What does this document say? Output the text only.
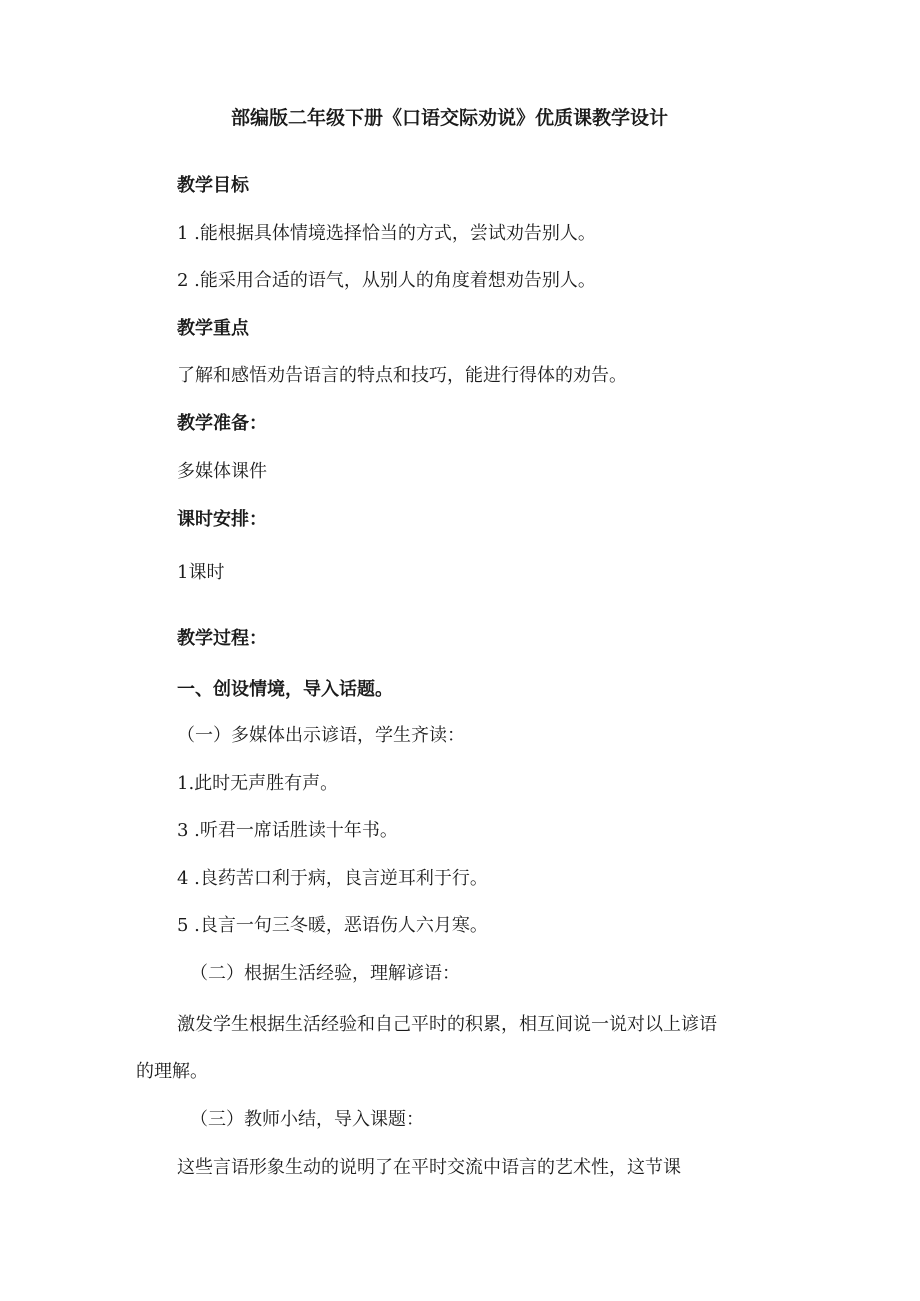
部编版二年级下册《口语交际劝说》优质课教学设计
教学目标
1 .能根据具体情境选择恰当的方式，尝试劝告别人。
2 .能采用合适的语气，从别人的角度着想劝告别人。
教学重点
了解和感悟劝告语言的特点和技巧，能进行得体的劝告。
教学准备：
多媒体课件
课时安排：
1课时
教学过程：
一、创设情境，导入话题。
（一）多媒体出示谚语，学生齐读：
1.此时无声胜有声。
3 .听君一席话胜读十年书。
4 .良药苦口利于病，良言逆耳利于行。
5 .良言一句三冬暖，恶语伤人六月寒。
（二）根据生活经验，理解谚语：
激发学生根据生活经验和自己平时的积累，相互间说一说对以上谚语
的理解。
（三）教师小结，导入课题：
这些言语形象生动的说明了在平时交流中语言的艺术性，这节课
